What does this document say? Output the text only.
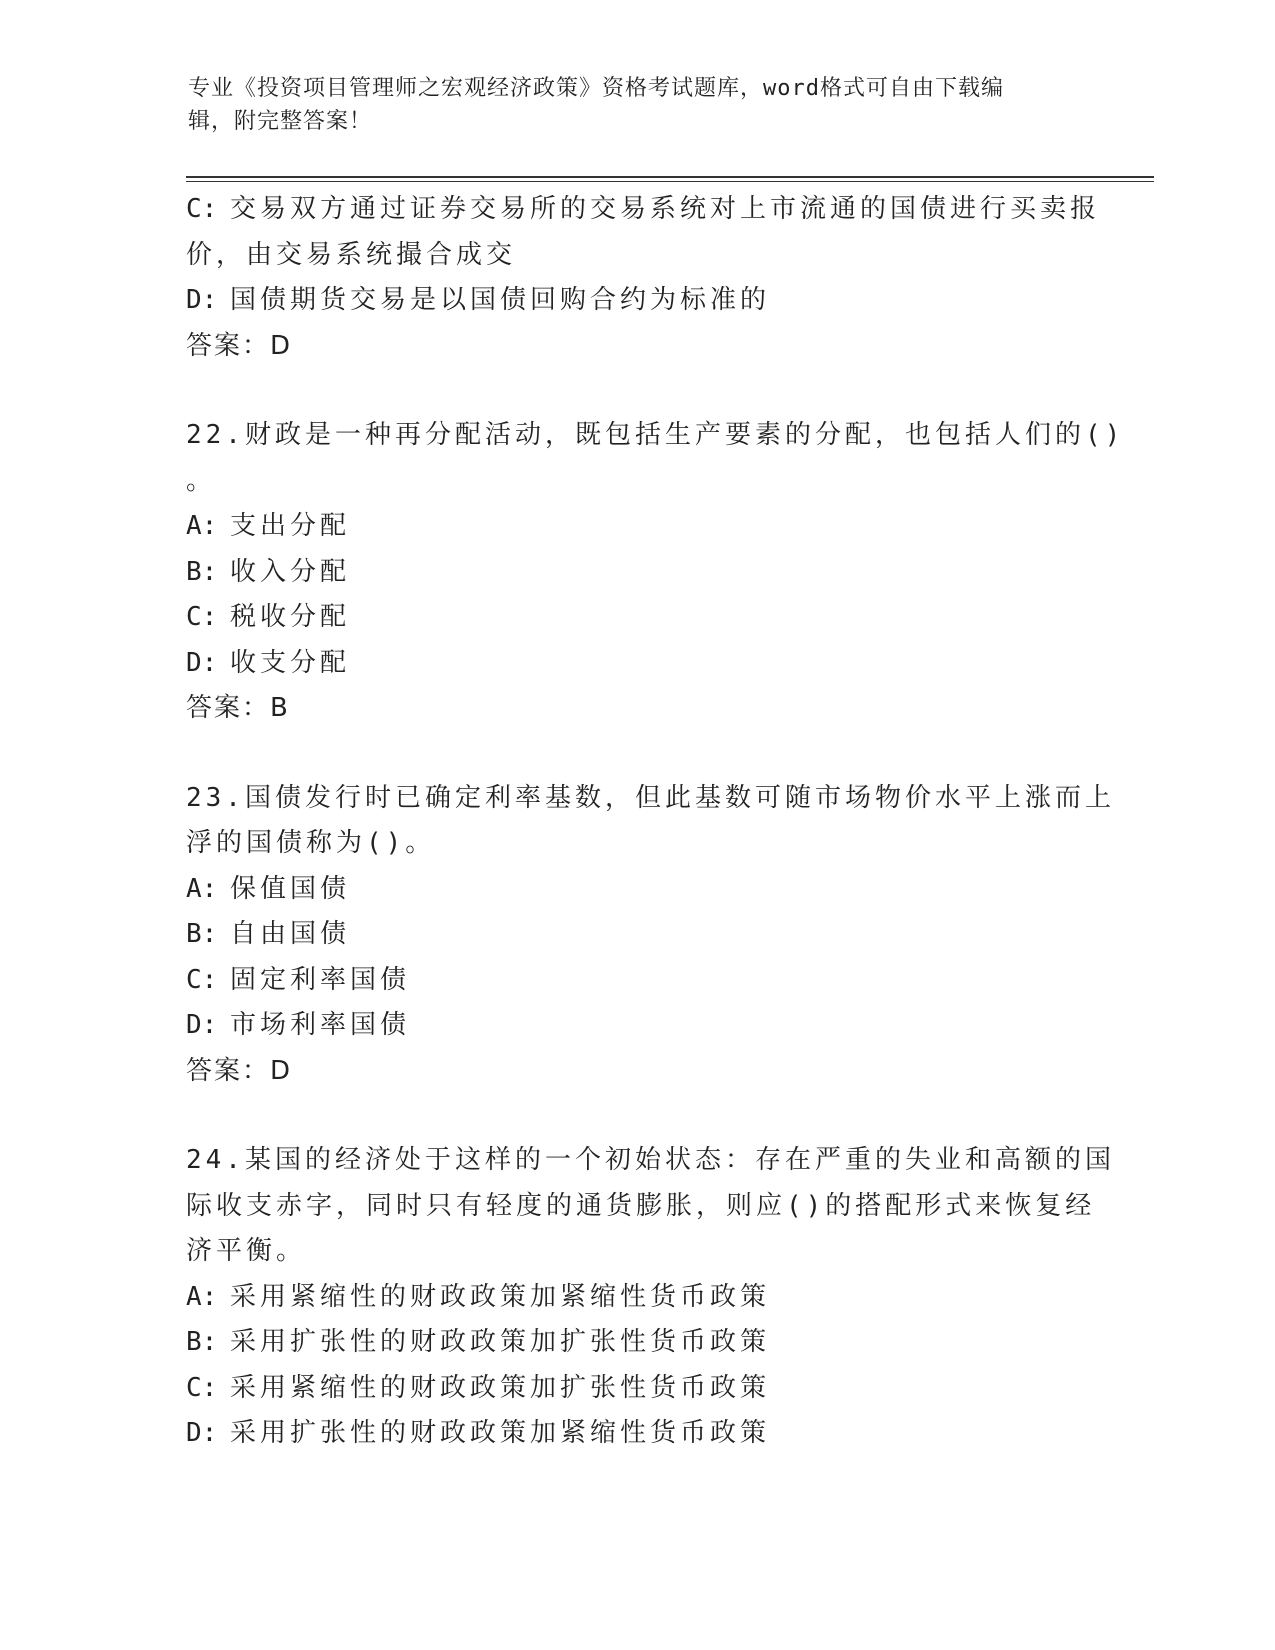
专业《投资项目管理师之宏观经济政策》资格考试题库，word格式可自由下载编
辑，附完整答案！
C: 交易双方通过证券交易所的交易系统对上市流通的国债进行买卖报
价，由交易系统撮合成交
D: 国债期货交易是以国债回购合约为标准的
答案：D
22.财政是一种再分配活动，既包括生产要素的分配，也包括人们的()
。
A: 支出分配
B: 收入分配
C: 税收分配
D: 收支分配
答案：B
23.国债发行时已确定利率基数，但此基数可随市场物价水平上涨而上
浮的国债称为()。
A: 保值国债
B: 自由国债
C: 固定利率国债
D: 市场利率国债
答案：D
24.某国的经济处于这样的一个初始状态：存在严重的失业和高额的国
际收支赤字，同时只有轻度的通货膨胀，则应()的搭配形式来恢复经
济平衡。
A: 采用紧缩性的财政政策加紧缩性货币政策
B: 采用扩张性的财政政策加扩张性货币政策
C: 采用紧缩性的财政政策加扩张性货币政策
D: 采用扩张性的财政政策加紧缩性货币政策
